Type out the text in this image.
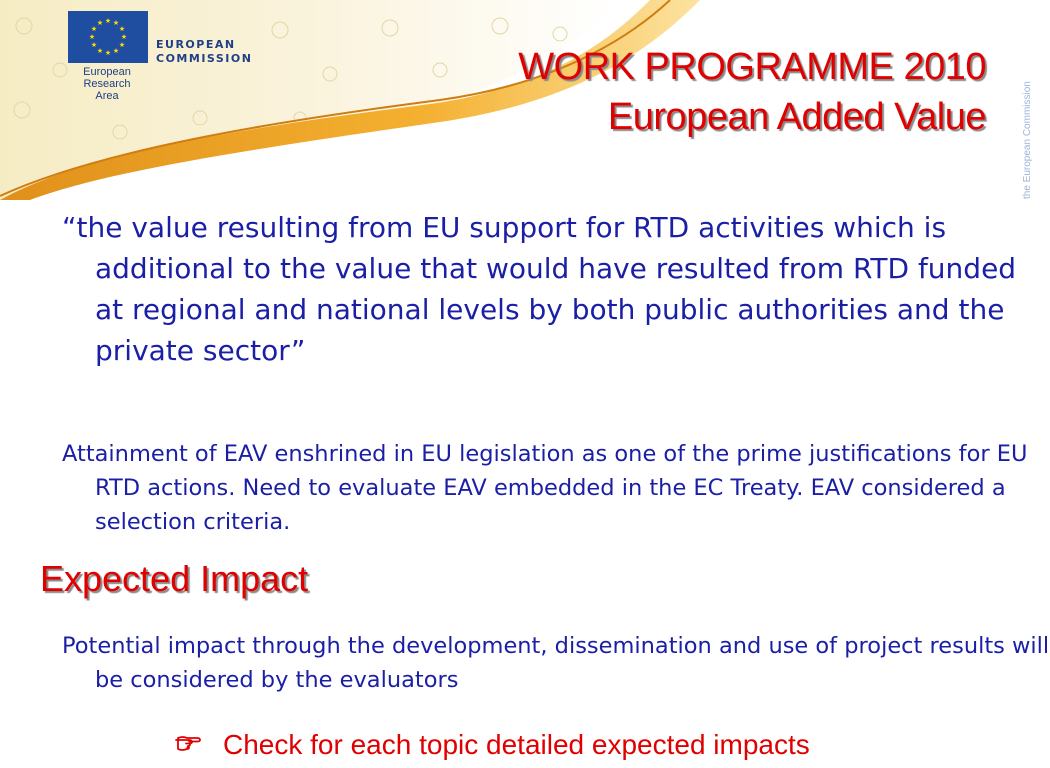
★ ★
★
★
★
★
★
★
★
★
★
★
EUROPEAN
COMMISSION
European
Research Area
WORK PROGRAMME 2010
European Added Value	the European Commission
“the value resulting from EU support for RTD activities which is additional to the value that would have resulted from RTD funded at regional and national levels by both public authorities and the private sector”
Attainment of EAV enshrined in EU legislation as one of the prime justifications for EU RTD actions. Need to evaluate EAV embedded in the EC Treaty. EAV considered a selection criteria.
Expected Impact
Potential impact through the development, dissemination and use of project results will be considered by the evaluators
Check for each topic detailed expected impacts
